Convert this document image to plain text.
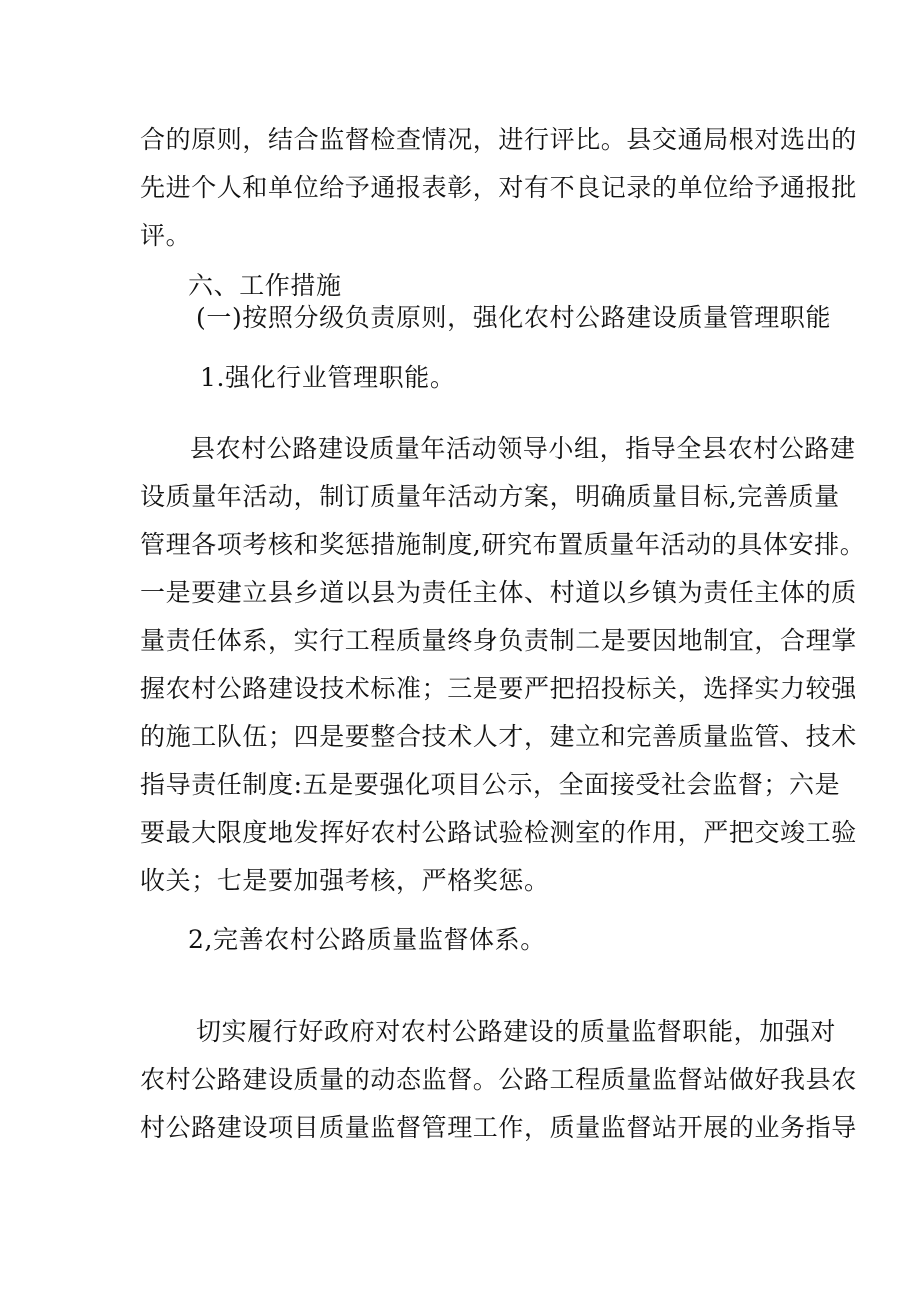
合的原则，结合监督检查情况，进行评比。县交通局根对选出的
先进个人和单位给予通报表彰，对有不良记录的单位给予通报批
评。
六、工作措施
(一)按照分级负责原则，强化农村公路建设质量管理职能
1.强化行业管理职能。
县农村公路建设质量年活动领导小组，指导全县农村公路建
设质量年活动，制订质量年活动方案，明确质量目标,完善质量
管理各项考核和奖惩措施制度,研究布置质量年活动的具体安排。
一是要建立县乡道以县为责任主体、村道以乡镇为责任主体的质
量责任体系，实行工程质量终身负责制二是要因地制宜，合理掌
握农村公路建设技术标准；三是要严把招投标关，选择实力较强
的施工队伍；四是要整合技术人才，建立和完善质量监管、技术
指导责任制度:五是要强化项目公示，全面接受社会监督；六是
要最大限度地发挥好农村公路试验检测室的作用，严把交竣工验
收关；七是要加强考核，严格奖惩。
2,完善农村公路质量监督体系。
切实履行好政府对农村公路建设的质量监督职能，加强对
农村公路建设质量的动态监督。公路工程质量监督站做好我县农
村公路建设项目质量监督管理工作，质量监督站开展的业务指导
